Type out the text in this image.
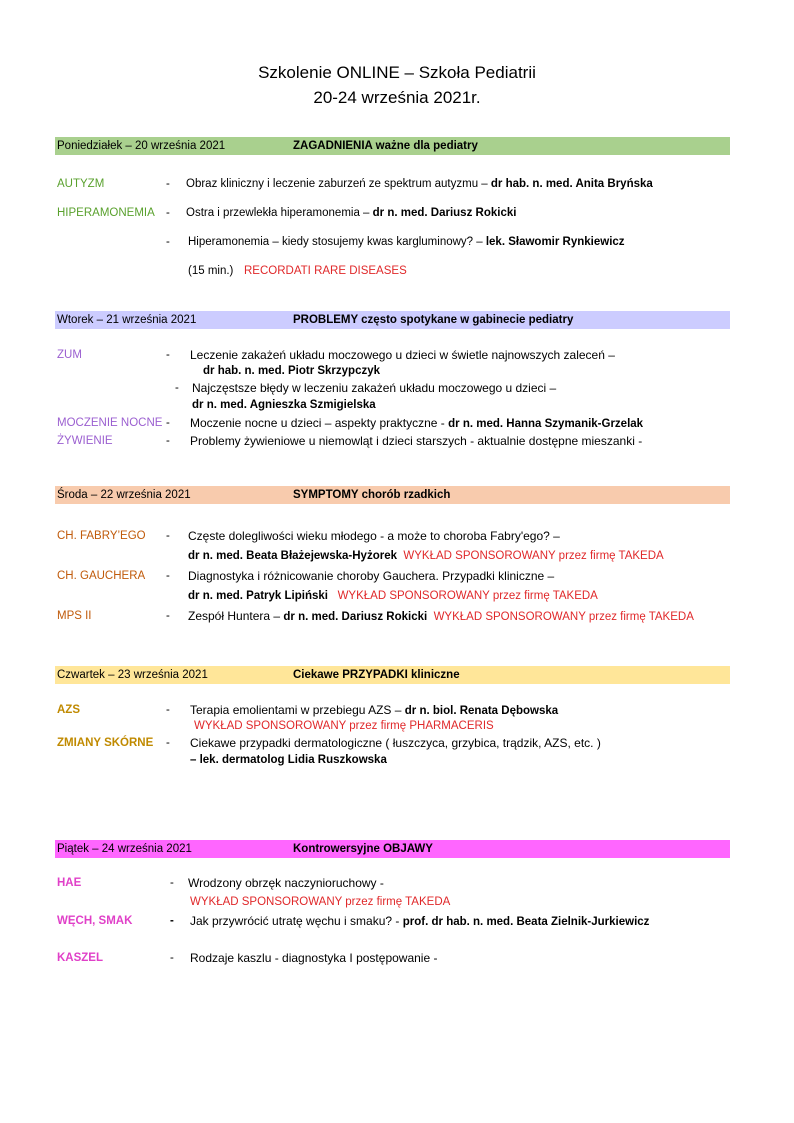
Szkolenie ONLINE – Szkoła Pediatrii
20-24 września 2021r.
Poniedziałek – 20 września 2021	ZAGADNIENIA ważne dla pediatry
AUTYZM	- Obraz kliniczny i leczenie zaburzeń ze spektrum autyzmu – dr hab. n. med. Anita Bryńska
HIPERAMONEMIA - Ostra i przewlekła hiperamonemia – dr n. med. Dariusz Rokicki
- Hiperamonemia – kiedy stosujemy kwas kargluminowy? – lek. Sławomir Rynkiewicz
(15 min.) RECORDATI RARE DISEASES
Wtorek – 21 września 2021	PROBLEMY często spotykane w gabinecie pediatry
ZUM	- Leczenie zakażeń układu moczowego u dzieci w świetle najnowszych zaleceń –
dr hab. n. med. Piotr Skrzypczyk
- Najczęstsze błędy w leczeniu zakażeń układu moczowego u dzieci –
dr n. med. Agnieszka Szmigielska
MOCZENIE NOCNE - Moczenie nocne u dzieci – aspekty praktyczne - dr n. med. Hanna Szymanik-Grzelak
ŻYWIENIE	- Problemy żywieniowe u niemowląt i dzieci starszych - aktualnie dostępne mieszanki -
Środa – 22 września 2021	SYMPTOMY chorób rzadkich
CH. FABRY’EGO - Częste dolegliwości wieku młodego - a może to choroba Fabry'ego? –
dr n. med. Beata Błażejewska-Hyżorek WYKŁAD SPONSOROWANY przez firmę TAKEDA
CH. GAUCHERA - Diagnostyka i różnicowanie choroby Gauchera. Przypadki kliniczne –
dr n. med. Patryk Lipiński WYKŁAD SPONSOROWANY przez firmę TAKEDA
MPS II	- Zespół Huntera – dr n. med. Dariusz Rokicki WYKŁAD SPONSOROWANY przez firmę TAKEDA
Czwartek – 23 września 2021	Ciekawe PRZYPADKI kliniczne
AZS	- Terapia emolientami w przebiegu AZS – dr n. biol. Renata Dębowska
WYKŁAD SPONSOROWANY przez firmę PHARMACERIS
ZMIANY SKÓRNE - Ciekawe przypadki dermatologiczne ( łuszczyca, grzybica, trądzik, AZS, etc. )
– lek. dermatolog Lidia Ruszkowska
Piątek – 24 września 2021	Kontrowersyjne OBJAWY
HAE	- Wrodzony obrzęk naczynioruchowy -
WYKŁAD SPONSOROWANY przez firmę TAKEDA
WĘCH, SMAK	- Jak przywrócić utratę węchu i smaku? - prof. dr hab. n. med. Beata Zielnik-Jurkiewicz
KASZEL	- Rodzaje kaszlu - diagnostyka I postępowanie -
